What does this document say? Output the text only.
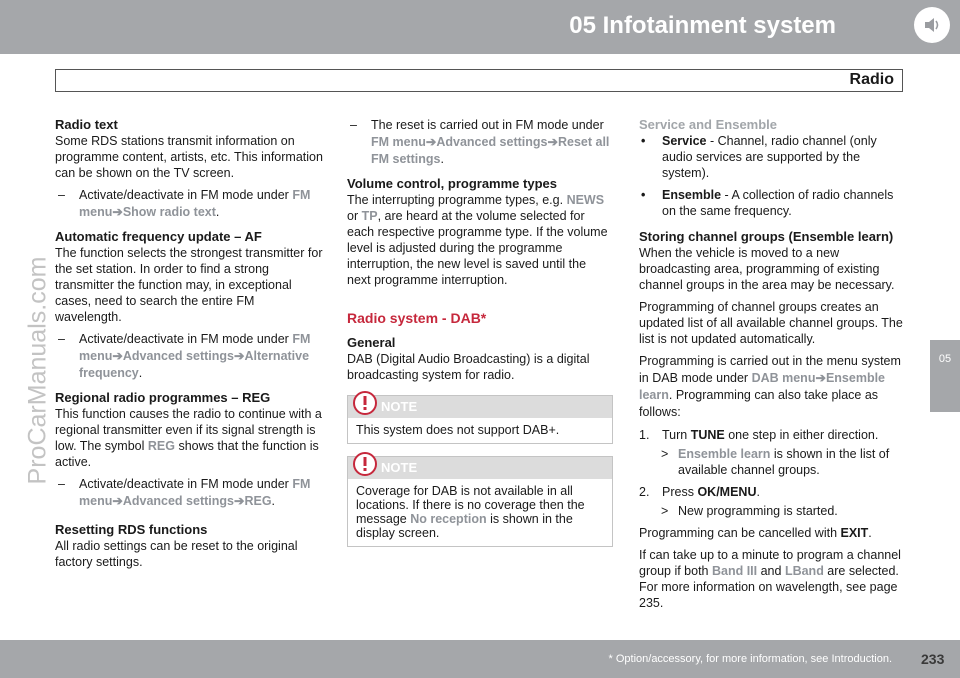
05 Infotainment system
Radio
ProCarManuals.com	05
Radio text

Some RDS stations transmit information on programme content, artists, etc. This information can be shown on the TV screen.

– Activate/deactivate in FM mode under FM menu➔Show radio text.
Automatic frequency update – AF

The function selects the strongest transmitter for the set station. In order to find a strong transmitter the function may, in exceptional cases, need to search the entire FM wavelength.

– Activate/deactivate in FM mode under FM menu➔Advanced settings➔Alternative frequency.
Regional radio programmes – REG

This function causes the radio to continue with a regional transmitter even if its signal strength is low. The symbol REG shows that the function is active.

– Activate/deactivate in FM mode under FM menu➔Advanced settings➔REG.
Resetting RDS functions

All radio settings can be reset to the original factory settings.

– The reset is carried out in FM mode under FM menu➔Advanced settings➔Reset all FM settings.
Volume control, programme types

The interrupting programme types, e.g. NEWS or TP, are heard at the volume selected for each respective programme type. If the volume level is adjusted during the programme interruption, the new level is saved until the next programme interruption.

Radio system - DAB*
General

DAB (Digital Audio Broadcasting) is a digital broadcasting system for radio.

NOTE
This system does not support DAB+.
NOTE
Coverage for DAB is not available in all locations. If there is no coverage then the message No reception is shown in the display screen.
Service and Ensemble
• Service - Channel, radio channel (only audio services are supported by the system).
• Ensemble - A collection of radio channels on the same frequency.
Storing channel groups (Ensemble learn)

When the vehicle is moved to a new broadcasting area, programming of existing channel groups in the area may be necessary.

Programming of channel groups creates an updated list of all available channel groups. The list is not updated automatically.

Programming is carried out in the menu system in DAB mode under DAB menu➔Ensemble learn. Programming can also take place as follows:

1. Turn TUNE one step in either direction.
> Ensemble learn is shown in the list of available channel groups.
2. Press OK/MENU.
> New programming is started.

Programming can be cancelled with EXIT.

If can take up to a minute to program a channel group if both Band III and LBand are selected. For more information on wavelength, see page 235.

* Option/accessory, for more information, see Introduction. 233
